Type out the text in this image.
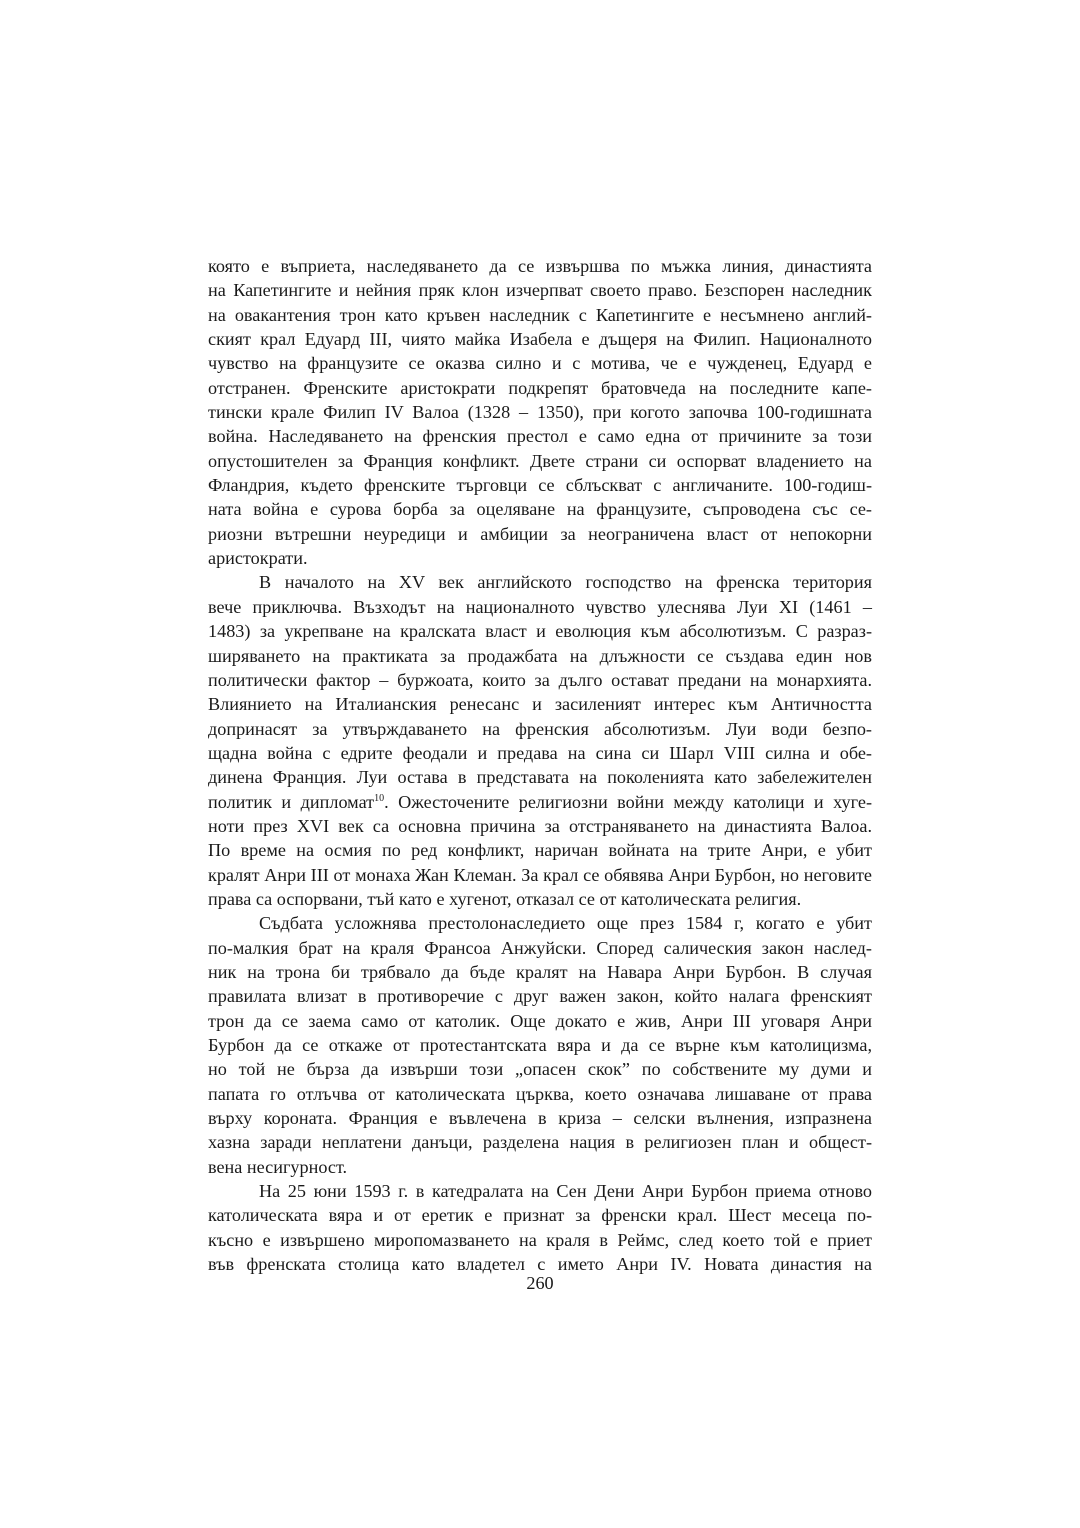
която е въприета, наследяването да се извършва по мъжка линия, династията
на Капетингите и нейния пряк клон изчерпват своето право. Безспорен наследник
на овакантения трон като кръвен наследник с Капетингите е несъмнено англий-
ският крал Едуард III, чиято майка Изабела е дъщеря на Филип. Националното
чувство на французите се оказва силно и с мотива, че е чужденец, Едуард е
отстранен. Френските аристократи подкрепят братовчеда на последните капе-
тински крале Филип IV Валоа (1328 – 1350), при когото започва 100-годишната
война. Наследяването на френския престол е само една от причините за този
опустошителен за Франция конфликт. Двете страни си оспорват владението на
Фландрия, където френските търговци се сблъскват с англичаните. 100-годиш-
ната война е сурова борба за оцеляване на французите, съпроводена със се-
риозни вътрешни неуредици и амбиции за неограничена власт от непокорни
аристократи.
В началото на XV век английското господство на френска територия
вече приключва. Възходът на националното чувство улеснява Луи XI (1461 –
1483) за укрепване на кралската власт и еволюция към абсолютизъм. С разраз-
ширяването на практиката за продажбата на длъжности се създава един нов
политически фактор – буржоата, които за дълго остават предани на монархията.
Влиянието на Италианския ренесанс и засиленият интерес към Античността
допринасят за утвърждаването на френския абсолютизъм. Луи води безпо-
щадна война с едрите феодали и предава на сина си Шарл VIII силна и обе-
динена Франция. Луи остава в представата на поколенията като забележителен
политик и дипломат$^{10}$. Ожесточените религиозни войни между католици и хуге-
ноти през XVI век са основна причина за отстраняването на династията Валоа.
По време на осмия по ред конфликт, наричан войната на трите Анри, е убит
кралят Анри III от монаха Жан Клеман. За крал се обявява Анри Бурбон, но неговите
права са оспорвани, тъй като е хугенот, отказал се от католическата религия.
Съдбата усложнява престолонаследието още през 1584 г, когато е убит
по-малкия брат на краля Франсоа Анжуйски. Според салическия закон наслед-
ник на трона би трябвало да бъде кралят на Навара Анри Бурбон. В случая
правилата влизат в противоречие с друг важен закон, който налага френският
трон да се заема само от католик. Още докато е жив, Анри III уговаря Анри
Бурбон да се откаже от протестантската вяра и да се върне към католицизма,
но той не бърза да извърши този „опасен скок” по собствените му думи и
папата го отлъчва от католическата църква, което означава лишаване от права
върху короната. Франция е въвлечена в криза – селски вълнения, изпразнена
хазна заради неплатени данъци, разделена нация в религиозен план и общест-
вена несигурност.
На 25 юни 1593 г. в катедралата на Сен Дени Анри Бурбон приема отново
католическата вяра и от еретик е признат за френски крал. Шест месеца по-
късно е извършено миропомазването на краля в Реймс, след което той е приет
във френската столица като владетел с името Анри IV. Новата династия на
260
